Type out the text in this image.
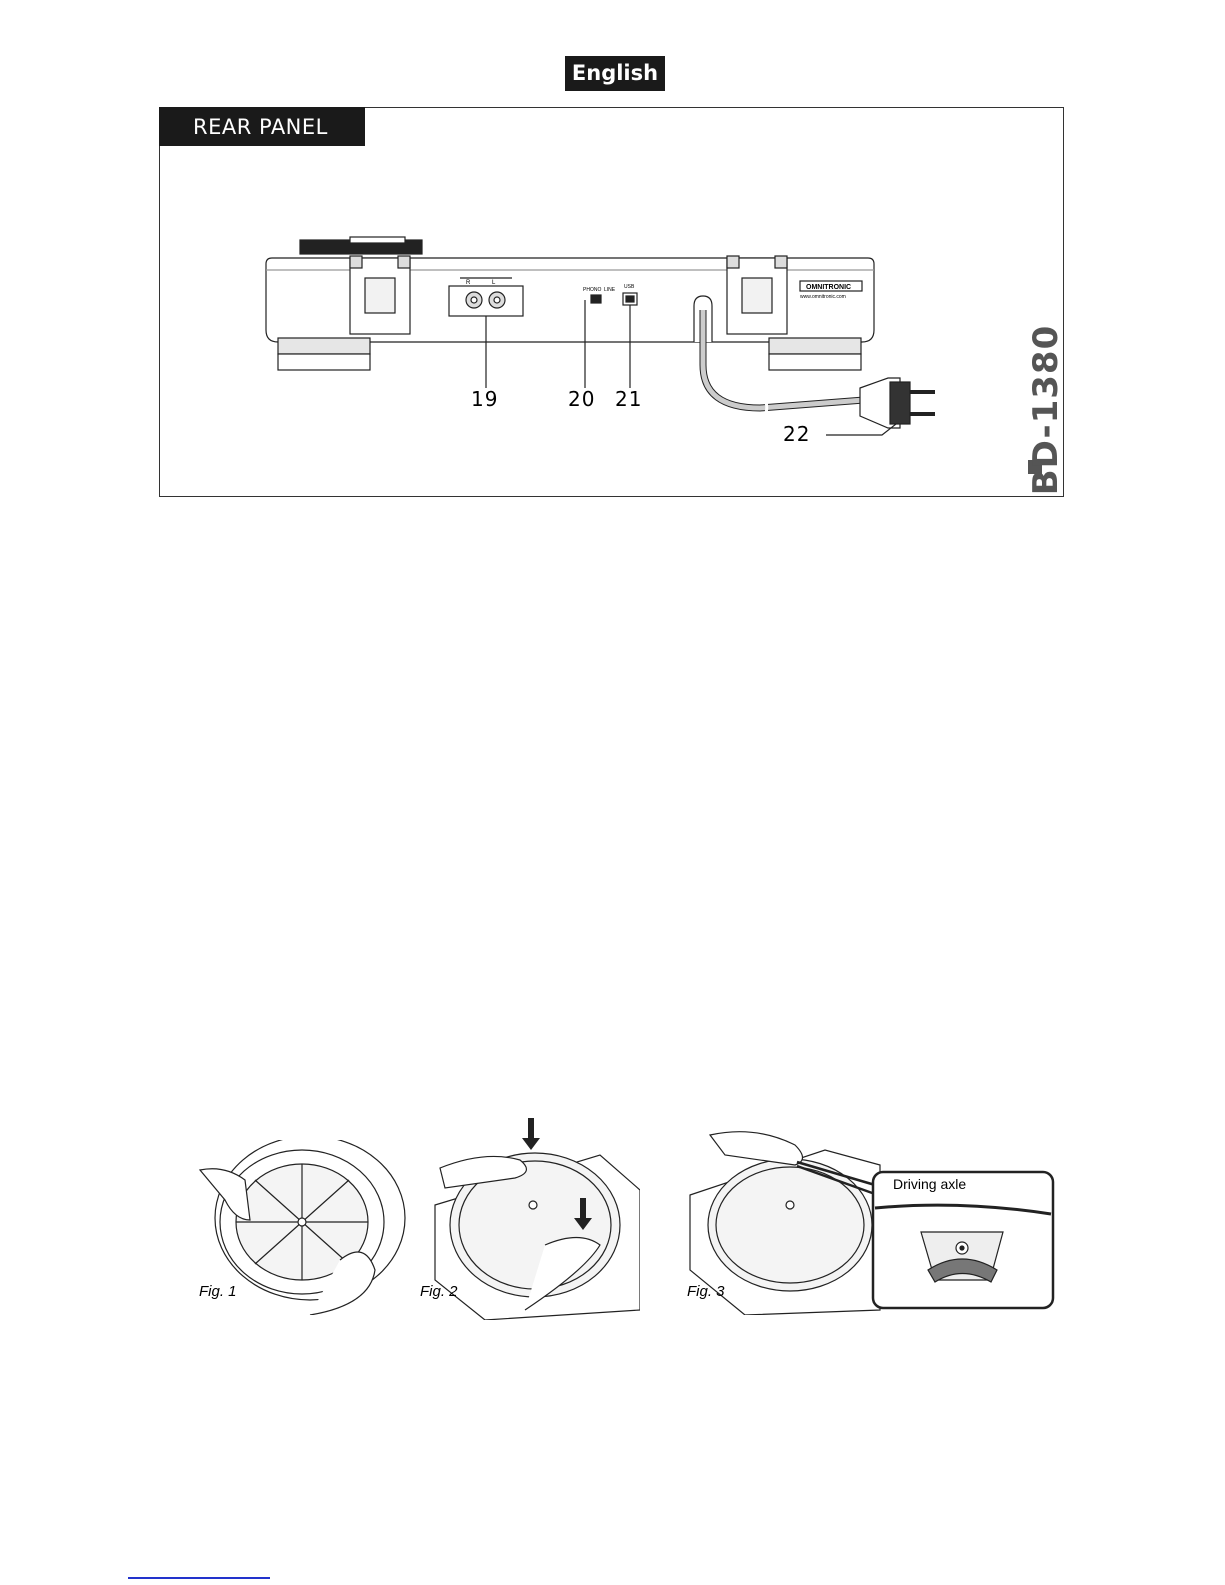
English
REAR PANEL
R	L
PHONO LINE USB	OMNITRONIC
www.omnitronic.com
19	20 21
22	BD-1380
Fig. 1	Fig. 2
Driving axle
Fig. 3
